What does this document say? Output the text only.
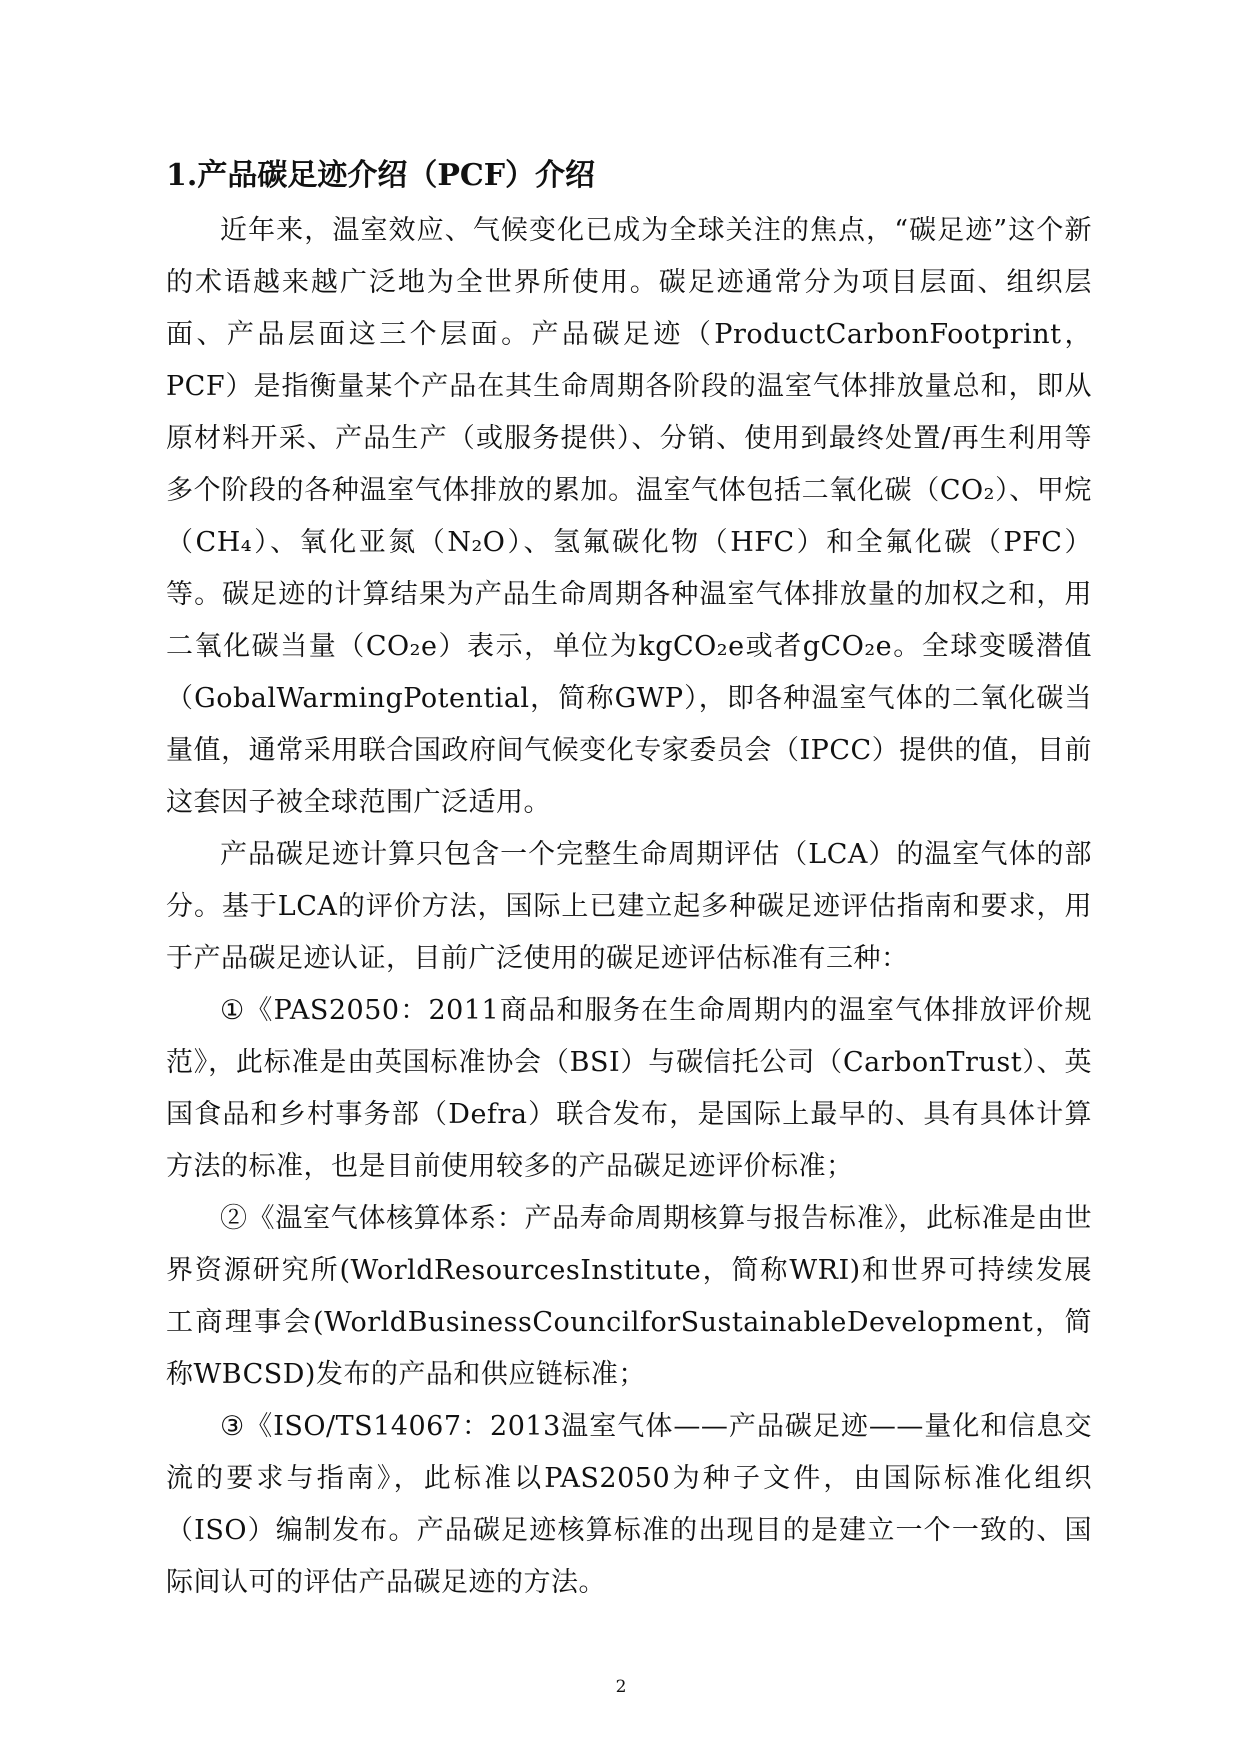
1.产品碳足迹介绍（PCF）介绍

近年来，温室效应、气候变化已成为全球关注的焦点，“碳足迹”这个新的术语越来越广泛地为全世界所使用。碳足迹通常分为项目层面、组织层面、产品层面这三个层面。产品碳足迹（ProductCarbonFootprint，PCF）是指衡量某个产品在其生命周期各阶段的温室气体排放量总和，即从原材料开采、产品生产（或服务提供）、分销、使用到最终处置/再生利用等多个阶段的各种温室气体排放的累加。温室气体包括二氧化碳（CO₂）、甲烷（CH₄）、氧化亚氮（N₂O）、氢氟碳化物（HFC）和全氟化碳（PFC）等。碳足迹的计算结果为产品生命周期各种温室气体排放量的加权之和，用二氧化碳当量（CO₂e）表示，单位为kgCO₂e或者gCO₂e。全球变暖潜值（GobalWarmingPotential，简称GWP），即各种温室气体的二氧化碳当量值，通常采用联合国政府间气候变化专家委员会（IPCC）提供的值，目前这套因子被全球范围广泛适用。

产品碳足迹计算只包含一个完整生命周期评估（LCA）的温室气体的部分。基于LCA的评价方法，国际上已建立起多种碳足迹评估指南和要求，用于产品碳足迹认证，目前广泛使用的碳足迹评估标准有三种：

①《PAS2050：2011商品和服务在生命周期内的温室气体排放评价规范》，此标准是由英国标准协会（BSI）与碳信托公司（CarbonTrust）、英国食品和乡村事务部（Defra）联合发布，是国际上最早的、具有具体计算方法的标准，也是目前使用较多的产品碳足迹评价标准；

②《温室气体核算体系：产品寿命周期核算与报告标准》，此标准是由世界资源研究所(WorldResourcesInstitute，简称WRI)和世界可持续发展工商理事会(WorldBusinessCouncilforSustainableDevelopment，简称WBCSD)发布的产品和供应链标准；

③《ISO/TS14067：2013温室气体——产品碳足迹——量化和信息交流的要求与指南》，此标准以PAS2050为种子文件，由国际标准化组织（ISO）编制发布。产品碳足迹核算标准的出现目的是建立一个一致的、国际间认可的评估产品碳足迹的方法。

2
